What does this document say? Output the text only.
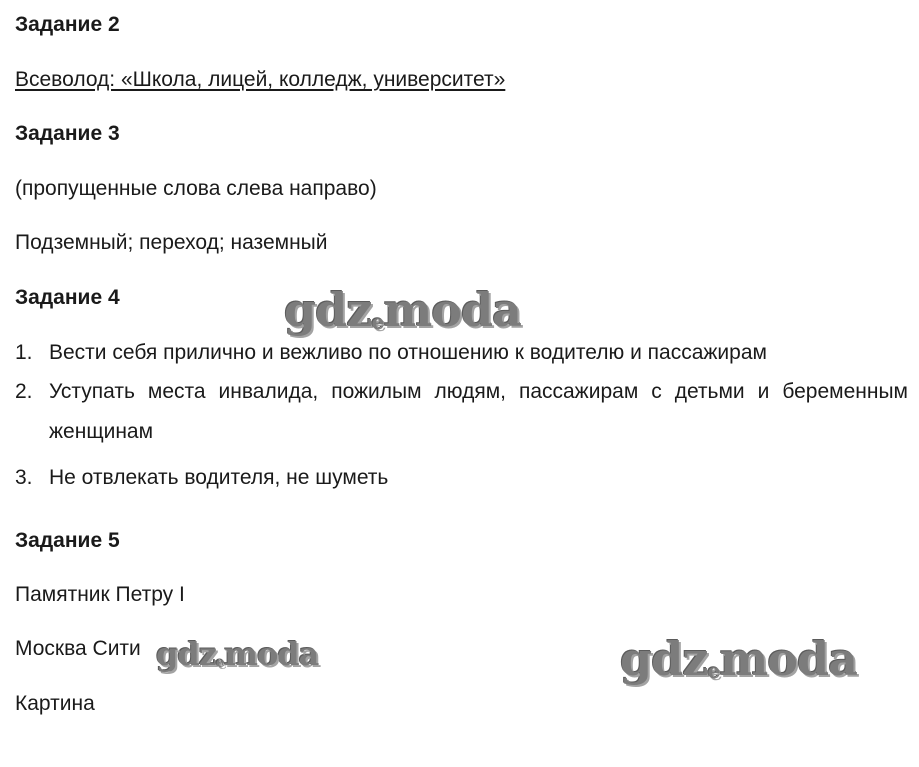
Задание 2
Всеволод: «Школа, лицей, колледж, университет»
Задание 3
(пропущенные слова слева направо)
Подземный; переход; наземный
Задание 4
1. Вести себя прилично и вежливо по отношению к водителю и пассажирам
2. Уступать места инвалида, пожилым людям, пассажирам с детьми и беременным женщинам
3. Не отвлекать водителя, не шуметь
Задание 5
Памятник Петру I
Москва Сити
Картина
gdzemoda
gdzemoda	gdzemoda
